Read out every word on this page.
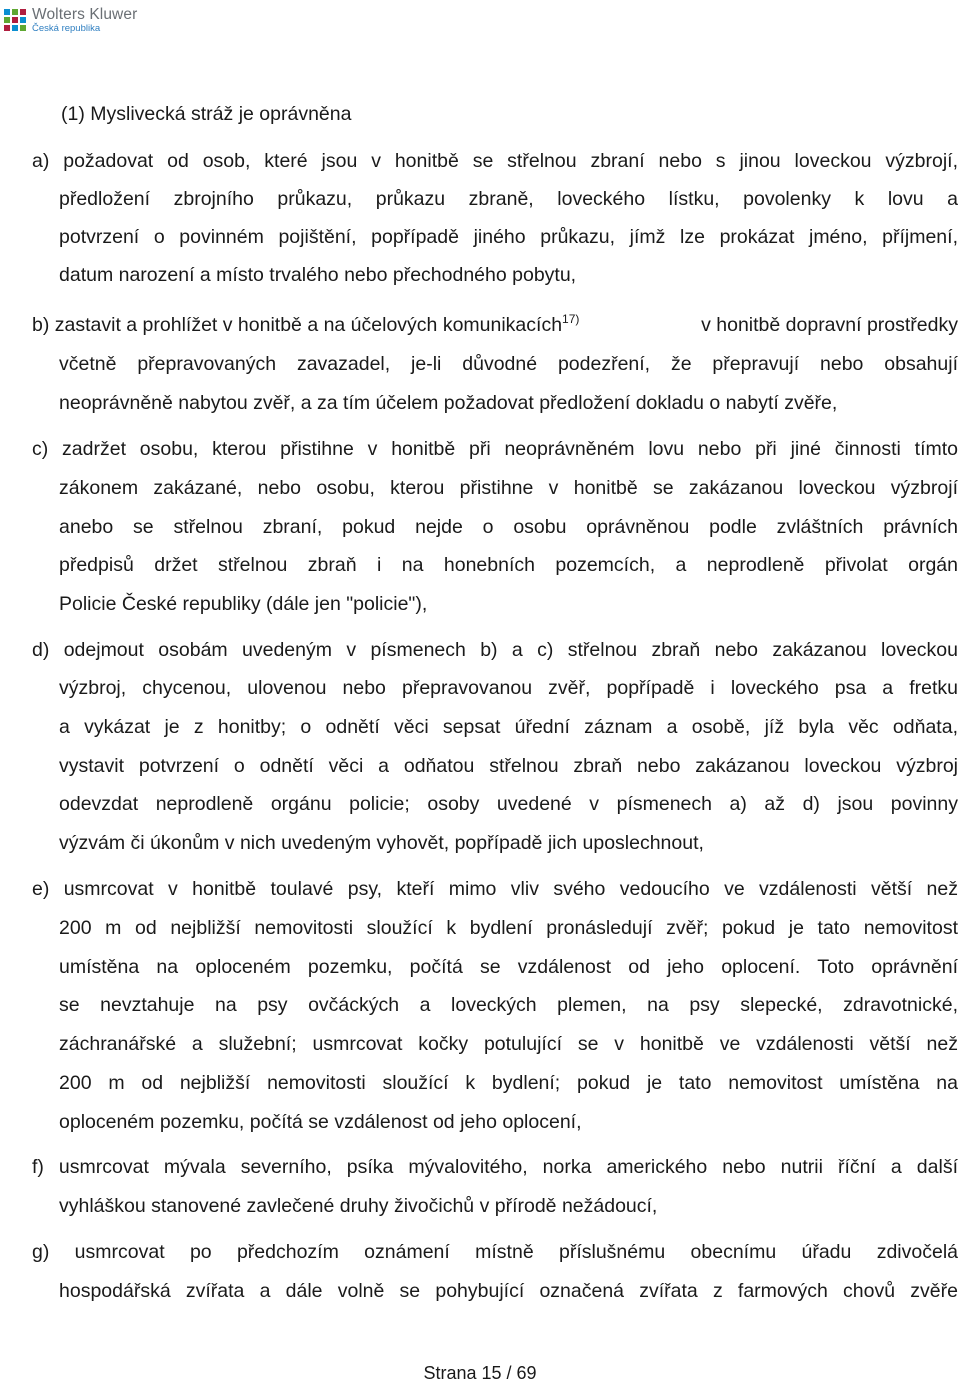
Wolters Kluwer
Česká republika
(1) Myslivecká stráž je oprávněna
a) požadovat od osob, které jsou v honitbě se střelnou zbraní nebo s jinou loveckou výzbrojí,
předložení zbrojního průkazu, průkazu zbraně, loveckého lístku, povolenky k lovu a
potvrzení o povinném pojištění, popřípadě jiného průkazu, jímž lze prokázat jméno, příjmení,
datum narození a místo trvalého nebo přechodného pobytu,
b) zastavit a prohlížet v honitbě a na účelových komunikacích$^{17)}$	v honitbě dopravní prostředky
včetně přepravovaných zavazadel, je-li důvodné podezření, že přepravují nebo obsahují
neoprávněně nabytou zvěř, a za tím účelem požadovat předložení dokladu o nabytí zvěře,
c) zadržet osobu, kterou přistihne v honitbě při neoprávněném lovu nebo při jiné činnosti tímto
zákonem zakázané, nebo osobu, kterou přistihne v honitbě se zakázanou loveckou výzbrojí
anebo se střelnou zbraní, pokud nejde o osobu oprávněnou podle zvláštních právních
předpisů držet střelnou zbraň i na honebních pozemcích, a neprodleně přivolat orgán
Policie České republiky (dále jen "policie"),
d) odejmout osobám uvedeným v písmenech b) a c) střelnou zbraň nebo zakázanou loveckou
výzbroj, chycenou, ulovenou nebo přepravovanou zvěř, popřípadě i loveckého psa a fretku
a vykázat je z honitby; o odnětí věci sepsat úřední záznam a osobě, jíž byla věc odňata,
vystavit potvrzení o odnětí věci a odňatou střelnou zbraň nebo zakázanou loveckou výzbroj
odevzdat neprodleně orgánu policie; osoby uvedené v písmenech a) až d) jsou povinny
výzvám či úkonům v nich uvedeným vyhovět, popřípadě jich uposlechnout,
e) usmrcovat v honitbě toulavé psy, kteří mimo vliv svého vedoucího ve vzdálenosti větší než
200 m od nejbližší nemovitosti sloužící k bydlení pronásledují zvěř; pokud je tato nemovitost
umístěna na oploceném pozemku, počítá se vzdálenost od jeho oplocení. Toto oprávnění
se nevztahuje na psy ovčáckých a loveckých plemen, na psy slepecké, zdravotnické,
záchranářské a služební; usmrcovat kočky potulující se v honitbě ve vzdálenosti větší než
200 m od nejbližší nemovitosti sloužící k bydlení; pokud je tato nemovitost umístěna na
oploceném pozemku, počítá se vzdálenost od jeho oplocení,
f) usmrcovat mývala severního, psíka mývalovitého, norka amerického nebo nutrii říční a další
vyhláškou stanovené zavlečené druhy živočichů v přírodě nežádoucí,
g) usmrcovat po předchozím oznámení místně příslušnému obecnímu úřadu zdivočelá
hospodářská zvířata a dále volně se pohybující označená zvířata z farmových chovů zvěře
Strana 15 / 69
